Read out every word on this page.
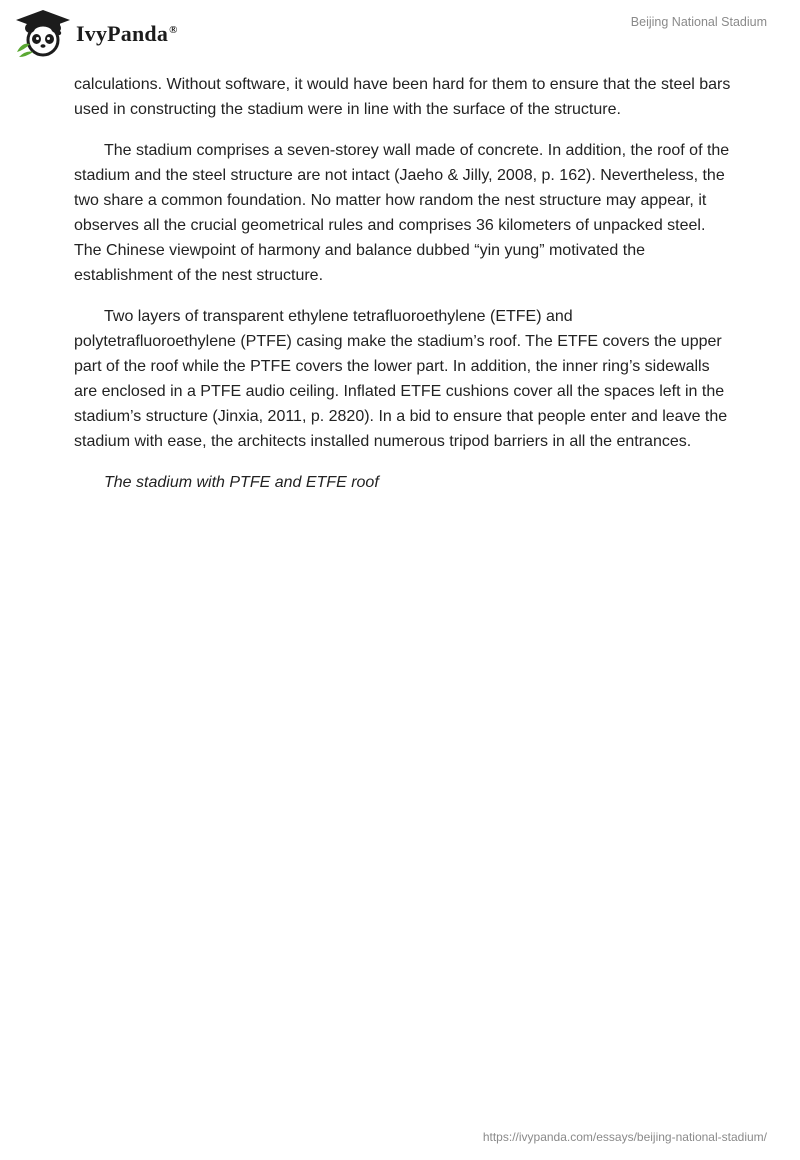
IvyPanda®
Beijing National Stadium

calculations. Without software, it would have been hard for them to ensure that the steel bars used in constructing the stadium were in line with the surface of the structure.

The stadium comprises a seven-storey wall made of concrete. In addition, the roof of the stadium and the steel structure are not intact (Jaeho & Jilly, 2008, p. 162). Nevertheless, the two share a common foundation. No matter how random the nest structure may appear, it observes all the crucial geometrical rules and comprises 36 kilometers of unpacked steel. The Chinese viewpoint of harmony and balance dubbed “yin yung” motivated the establishment of the nest structure.

Two layers of transparent ethylene tetrafluoroethylene (ETFE) and polytetrafluoroethylene (PTFE) casing make the stadium’s roof. The ETFE covers the upper part of the roof while the PTFE covers the lower part. In addition, the inner ring’s sidewalls are enclosed in a PTFE audio ceiling. Inflated ETFE cushions cover all the spaces left in the stadium’s structure (Jinxia, 2011, p. 2820). In a bid to ensure that people enter and leave the stadium with ease, the architects installed numerous tripod barriers in all the entrances.

The stadium with PTFE and ETFE roof

https://ivypanda.com/essays/beijing-national-stadium/
